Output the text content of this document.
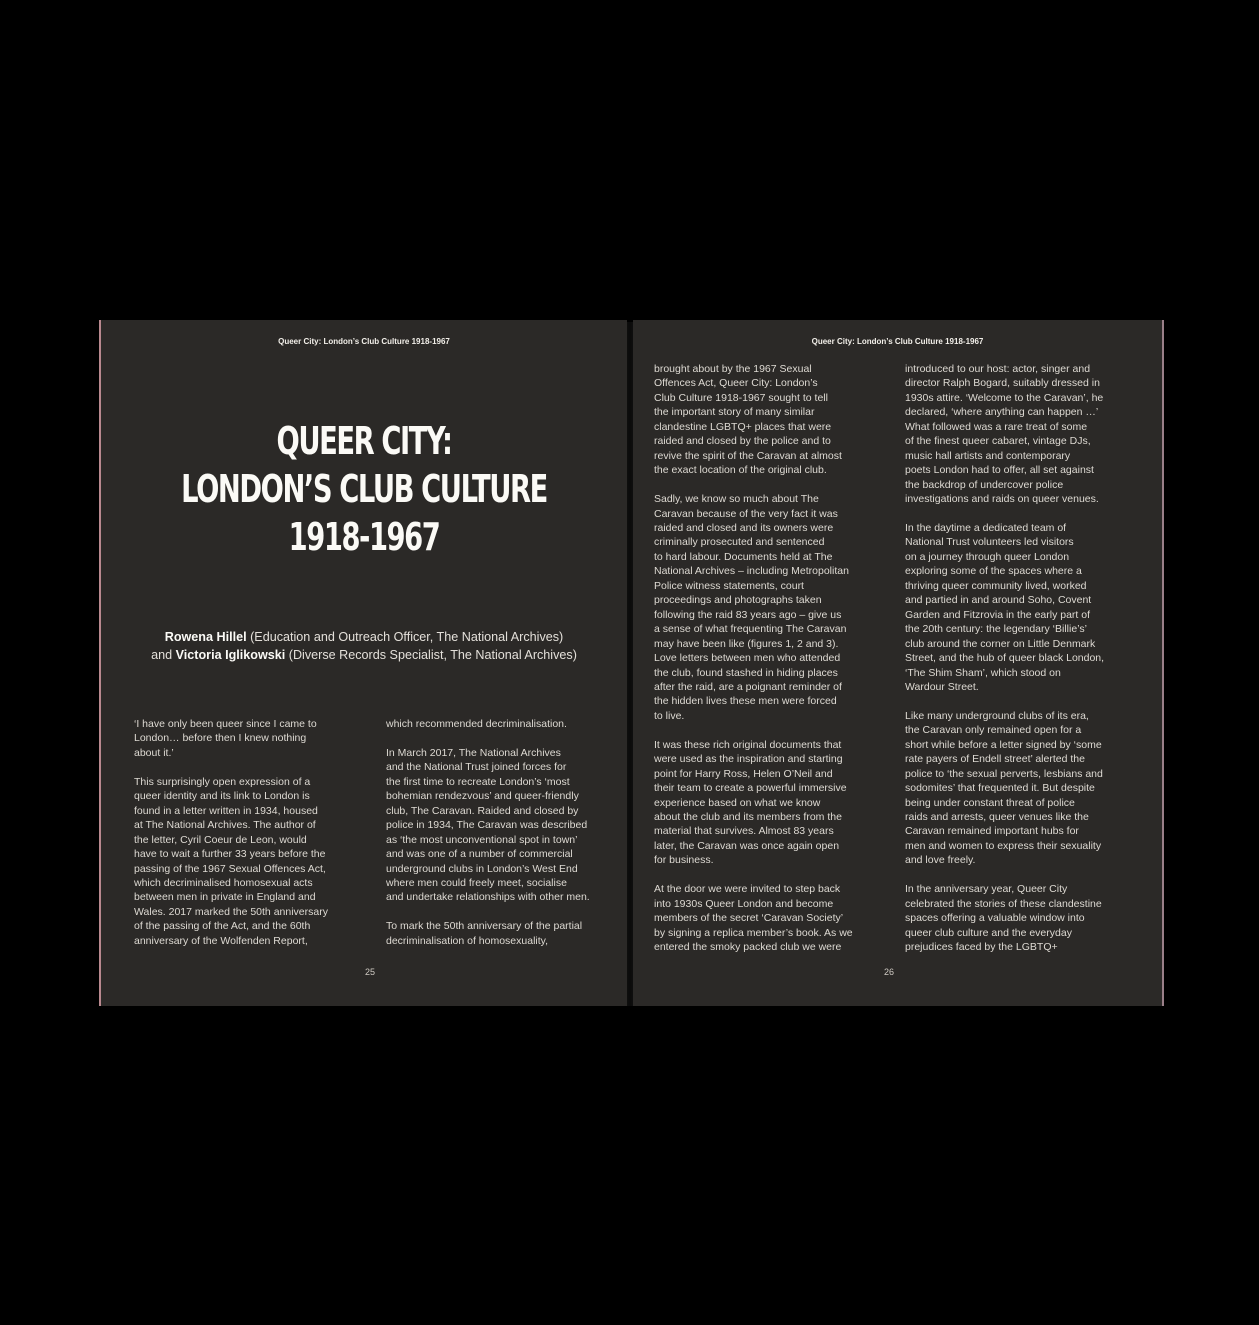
Queer City: London’s Club Culture 1918-1967
QUEER CITY:
LONDON’S CLUB CULTURE
1918-1967
Rowena Hillel (Education and Outreach Officer, The National Archives)
and Victoria Iglikowski (Diverse Records Specialist, The National Archives)

‘I have only been queer since I came to
London… before then I knew nothing
about it.’

This surprisingly open expression of a
queer identity and its link to London is
found in a letter written in 1934, housed
at The National Archives. The author of
the letter, Cyril Coeur de Leon, would
have to wait a further 33 years before the
passing of the 1967 Sexual Offences Act,
which decriminalised homosexual acts
between men in private in England and
Wales. 2017 marked the 50th anniversary
of the passing of the Act, and the 60th
anniversary of the Wolfenden Report,

which recommended decriminalisation.

In March 2017, The National Archives
and the National Trust joined forces for
the first time to recreate London’s ‘most
bohemian rendezvous’ and queer-friendly
club, The Caravan. Raided and closed by
police in 1934, The Caravan was described
as ‘the most unconventional spot in town’
and was one of a number of commercial
underground clubs in London’s West End
where men could freely meet, socialise
and undertake relationships with other men.

To mark the 50th anniversary of the partial
decriminalisation of homosexuality,

25
Queer City: London’s Club Culture 1918-1967

brought about by the 1967 Sexual
Offences Act, Queer City: London’s
Club Culture 1918-1967 sought to tell
the important story of many similar
clandestine LGBTQ+ places that were
raided and closed by the police and to
revive the spirit of the Caravan at almost
the exact location of the original club.

Sadly, we know so much about The
Caravan because of the very fact it was
raided and closed and its owners were
criminally prosecuted and sentenced
to hard labour. Documents held at The
National Archives – including Metropolitan
Police witness statements, court
proceedings and photographs taken
following the raid 83 years ago – give us
a sense of what frequenting The Caravan
may have been like (figures 1, 2 and 3).
Love letters between men who attended
the club, found stashed in hiding places
after the raid, are a poignant reminder of
the hidden lives these men were forced
to live.

It was these rich original documents that
were used as the inspiration and starting
point for Harry Ross, Helen O’Neil and
their team to create a powerful immersive
experience based on what we know
about the club and its members from the
material that survives. Almost 83 years
later, the Caravan was once again open
for business.

At the door we were invited to step back
into 1930s Queer London and become
members of the secret ‘Caravan Society’
by signing a replica member’s book. As we
entered the smoky packed club we were

introduced to our host: actor, singer and
director Ralph Bogard, suitably dressed in
1930s attire. ‘Welcome to the Caravan’, he
declared, ‘where anything can happen …’
What followed was a rare treat of some
of the finest queer cabaret, vintage DJs,
music hall artists and contemporary
poets London had to offer, all set against
the backdrop of undercover police
investigations and raids on queer venues.

In the daytime a dedicated team of
National Trust volunteers led visitors
on a journey through queer London
exploring some of the spaces where a
thriving queer community lived, worked
and partied in and around Soho, Covent
Garden and Fitzrovia in the early part of
the 20th century: the legendary ‘Billie’s’
club around the corner on Little Denmark
Street, and the hub of queer black London,
‘The Shim Sham’, which stood on
Wardour Street.

Like many underground clubs of its era,
the Caravan only remained open for a
short while before a letter signed by ‘some
rate payers of Endell street’ alerted the
police to ‘the sexual perverts, lesbians and
sodomites’ that frequented it. But despite
being under constant threat of police
raids and arrests, queer venues like the
Caravan remained important hubs for
men and women to express their sexuality
and love freely.

In the anniversary year, Queer City
celebrated the stories of these clandestine
spaces offering a valuable window into
queer club culture and the everyday
prejudices faced by the LGBTQ+

26
